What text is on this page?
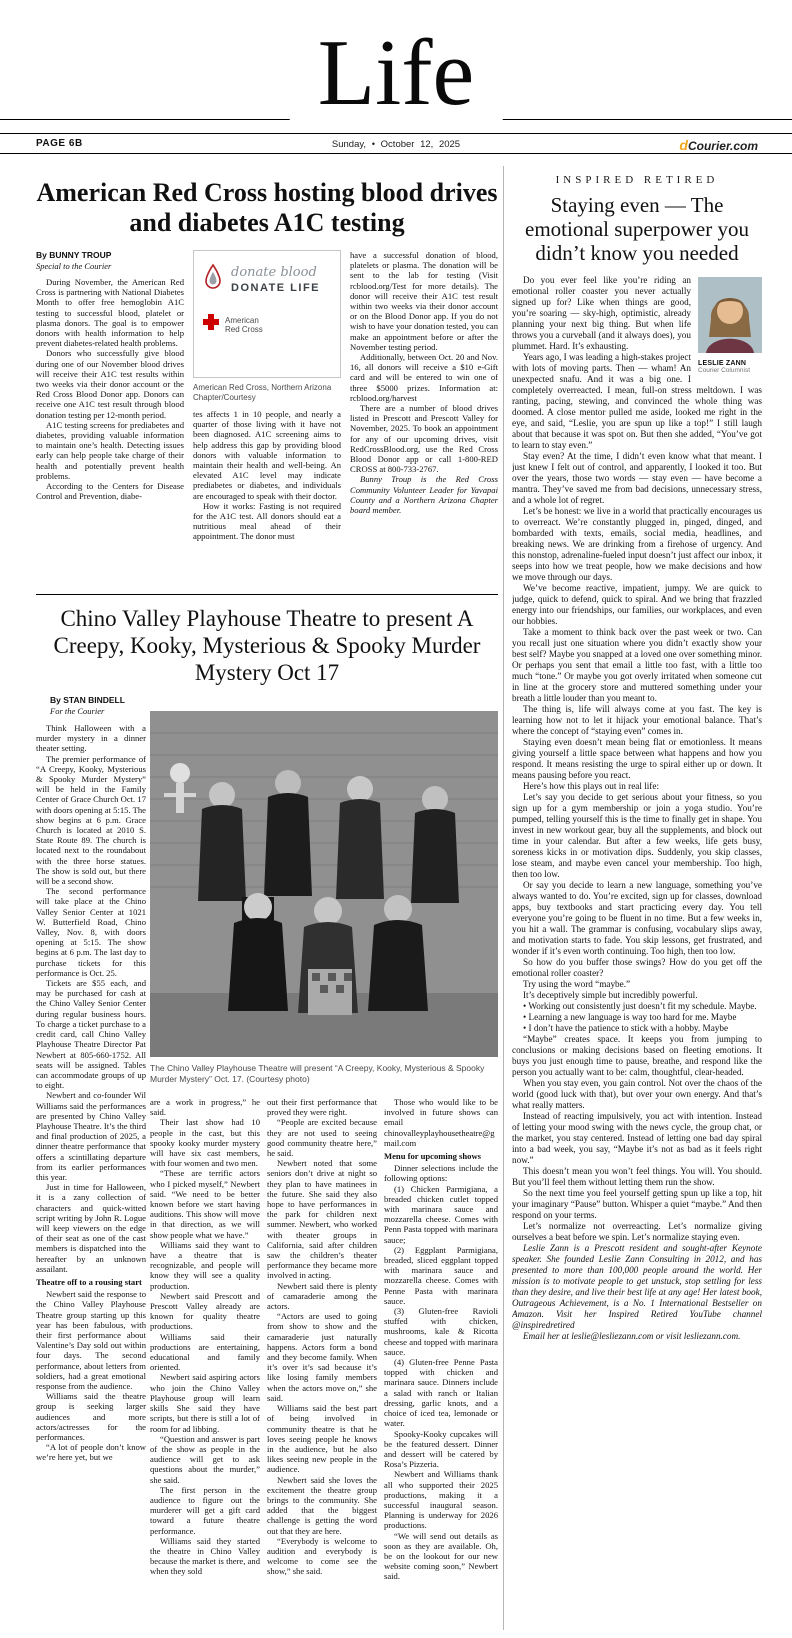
Life
PAGE 6B	Sunday, • October 12, 2025	dCourier.com
American Red Cross hosting blood drives and diabetes A1C testing
By BUNNY TROUP
Special to the Courier

During November, the American Red Cross is partnering with National Diabetes Month to offer free hemoglobin A1C testing to successful blood, platelet or plasma donors. The goal is to empower donors with health information to help prevent diabetes-related health problems.

Donors who successfully give blood during one of our November blood drives will receive their A1C test results within two weeks via their donor account or the Red Cross Blood Donor app. Donors can receive one A1C test result through blood donation testing per 12-month period.

A1C testing screens for prediabetes and diabetes, providing valuable information to maintain one’s health. Detecting issues early can help people take charge of their health and potentially prevent health problems.

According to the Centers for Disease Control and Prevention, diabe-

donate blood
DONATE LIFE
American
Red Cross
American Red Cross, Northern Arizona Chapter/Courtesy

tes affects 1 in 10 people, and nearly a quarter of those living with it have not been diagnosed. A1C screening aims to help address this gap by providing blood donors with valuable information to maintain their health and well-being. An elevated A1C level may indicate prediabetes or diabetes, and individuals are encouraged to speak with their doctor.

How it works: Fasting is not required for the A1C test. All donors should eat a nutritious meal ahead of their appointment. The donor must

have a successful donation of blood, platelets or plasma. The donation will be sent to the lab for testing (Visit rcblood.org/Test for more details). The donor will receive their A1C test result within two weeks via their donor account or on the Blood Donor app. If you do not wish to have your donation tested, you can make an appointment before or after the November testing period.

Additionally, between Oct. 20 and Nov. 16, all donors will receive a $10 e-Gift card and will be entered to win one of three $5000 prizes. Information at: rcblood.org/harvest

There are a number of blood drives listed in Prescott and Prescott Valley for November, 2025. To book an appointment for any of our upcoming drives, visit RedCrossBlood.org, use the Red Cross Blood Donor app or call 1-800-RED CROSS at 800-733-2767.

Bunny Troup is the Red Cross Community Volunteer Leader for Yavapai County and a Northern Arizona Chapter board member.

Chino Valley Playhouse Theatre to present A Creepy, Kooky, Mysterious & Spooky Murder Mystery Oct 17
By STAN BINDELL
For the Courier

Think Halloween with a murder mystery in a dinner theater setting.

The premier performance of “A Creepy, Kooky, Mysterious & Spooky Murder Mystery” will be held in the Family Center of Grace Church Oct. 17 with doors opening at 5:15. The show begins at 6 p.m. Grace Church is located at 2010 S. State Route 89. The church is located next to the roundabout with the three horse statues. The show is sold out, but there will be a second show.

The second performance will take place at the Chino Valley Senior Center at 1021 W. Butterfield Road, Chino Valley, Nov. 8, with doors opening at 5:15. The show begins at 6 p.m. The last day to purchase tickets for this performance is Oct. 25.

Tickets are $55 each, and may be purchased for cash at the Chino Valley Senior Center during regular business hours. To charge a ticket purchase to a credit card, call Chino Valley Playhouse Theatre Director Pat Newbert at 805-660-1752. All seats will be assigned. Tables can accommodate groups of up to eight.

Newbert and co-founder Wil Williams said the performances are presented by Chino Valley Playhouse Theatre. It’s the third and final production of 2025, a dinner theatre performance that offers a scintillating departure from its earlier performances this year.

Just in time for Halloween, it is a zany collection of characters and quick-witted script writing by John R. Logue will keep viewers on the edge of their seat as one of the cast members is dispatched into the hereafter by an unknown assailant.

Theatre off to a rousing start

Newbert said the response to the Chino Valley Playhouse Theatre group starting up this year has been fabulous, with their first performance about Valentine’s Day sold out within four days. The second performance, about letters from soldiers, had a great emotional response from the audience.

Williams said the theatre group is seeking larger audiences and more actors/actresses for the performances.

“A lot of people don’t know we’re here yet, but we

The Chino Valley Playhouse Theatre will present “A Creepy, Kooky, Mysterious & Spooky Murder Mystery” Oct. 17. (Courtesy photo)

are a work in progress,” he said.

Their last show had 10 people in the cast, but this spooky kooky murder mystery will have six cast members, with four women and two men.

“These are terrific actors who I picked myself,” Newbert said. “We need to be better known before we start having auditions. This show will move in that direction, as we will show people what we have.”

Williams said they want to have a theatre that is recognizable, and people will know they will see a quality production.

Newbert said Prescott and Prescott Valley already are known for quality theatre productions.

Williams said their productions are entertaining, educational and family oriented.

Newbert said aspiring actors who join the Chino Valley Playhouse group will learn skills She said they have scripts, but there is still a lot of room for ad libbing.

“Question and answer is part of the show as people in the audience will get to ask questions about the murder,” she said.

The first person in the audience to figure out the murderer will get a gift card toward a future theatre performance.

Williams said they started the theatre in Chino Valley because the market is there, and when they sold

out their first performance that proved they were right.

“People are excited because they are not used to seeing good community theatre here,” he said.

Newbert noted that some seniors don’t drive at night so they plan to have matinees in the future. She said they also hope to have performances in the park for children next summer. Newbert, who worked with theater groups in California, said after children saw the children’s theater performance they became more involved in acting.

Newbert said there is plenty of camaraderie among the actors.

“Actors are used to going from show to show and the camaraderie just naturally happens. Actors form a bond and they become family. When it’s over it’s sad because it’s like losing family members when the actors move on,” she said.

Williams said the best part of being involved in community theatre is that he loves seeing people he knows in the audience, but he also likes seeing new people in the audience.

Newbert said she loves the excitement the theatre group brings to the community. She added that the biggest challenge is getting the word out that they are here.

“Everybody is welcome to audition and everybody is welcome to come see the show,” she said.

Those who would like to be involved in future shows can email chinovalleyplayhousetheatre@gmail.com

Menu for upcoming shows

Dinner selections include the following options:

(1) Chicken Parmigiana, a breaded chicken cutlet topped with marinara sauce and mozzarella cheese. Comes with Penn Pasta topped with marinara sauce;

(2) Eggplant Parmigiana, breaded, sliced eggplant topped with marinara sauce and mozzarella cheese. Comes with Penne Pasta with marinara sauce.

(3) Gluten-free Ravioli stuffed with chicken, mushrooms, kale & Ricotta cheese and topped with marinara sauce.

(4) Gluten-free Penne Pasta topped with chicken and marinara sauce. Dinners include a salad with ranch or Italian dressing, garlic knots, and a choice of iced tea, lemonade or water.

Spooky-Kooky cupcakes will be the featured dessert. Dinner and dessert will be catered by Rosa’s Pizzeria.

Newbert and Williams thank all who supported their 2025 productions, making it a successful inaugural season. Planning is underway for 2026 productions.

“We will send out details as soon as they are available. Oh, be on the lookout for our new website coming soon,” Newbert said.

INSPIRED RETIRED
Staying even — The emotional superpower you didn’t know you needed
LESLIE ZANN
Courier Columnist

Do you ever feel like you’re riding an emotional roller coaster you never actually signed up for? Like when things are good, you’re soaring — sky-high, optimistic, already planning your next big thing. But when life throws you a curveball (and it always does), you plummet. Hard. It’s exhausting.

Years ago, I was leading a high-stakes project with lots of moving parts. Then — wham! An unexpected snafu. And it was a big one. I completely overreacted. I mean, full-on stress meltdown. I was ranting, pacing, stewing, and convinced the whole thing was doomed. A close mentor pulled me aside, looked me right in the eye, and said, “Leslie, you are spun up like a top!” I still laugh about that because it was spot on. But then she added, “You’ve got to learn to stay even.”

Stay even? At the time, I didn’t even know what that meant. I just knew I felt out of control, and apparently, I looked it too. But over the years, those two words — stay even — have become a mantra. They’ve saved me from bad decisions, unnecessary stress, and a whole lot of regret.

Let’s be honest: we live in a world that practically encourages us to overreact. We’re constantly plugged in, pinged, dinged, and bombarded with texts, emails, social media, headlines, and breaking news. We are drinking from a firehose of urgency. And this nonstop, adrenaline-fueled input doesn’t just affect our inbox, it seeps into how we treat people, how we make decisions and how we move through our days.

We’ve become reactive, impatient, jumpy. We are quick to judge, quick to defend, quick to spiral. And we bring that frazzled energy into our friendships, our families, our workplaces, and even our hobbies.

Take a moment to think back over the past week or two. Can you recall just one situation where you didn’t exactly show your best self? Maybe you snapped at a loved one over something minor. Or perhaps you sent that email a little too fast, with a little too much “tone.” Or maybe you got overly irritated when someone cut in line at the grocery store and muttered something under your breath a little louder than you meant to.

The thing is, life will always come at you fast. The key is learning how not to let it hijack your emotional balance. That’s where the concept of “staying even” comes in.

Staying even doesn’t mean being flat or emotionless. It means giving yourself a little space between what happens and how you respond. It means resisting the urge to spiral either up or down. It means pausing before you react.

Here’s how this plays out in real life:

Let’s say you decide to get serious about your fitness, so you sign up for a gym membership or join a yoga studio. You’re pumped, telling yourself this is the time to finally get in shape. You invest in new workout gear, buy all the supplements, and block out time in your calendar. But after a few weeks, life gets busy, soreness kicks in or motivation dips. Suddenly, you skip classes, lose steam, and maybe even cancel your membership. Too high, then too low.

Or say you decide to learn a new language, something you’ve always wanted to do. You’re excited, sign up for classes, download apps, buy textbooks and start practicing every day. You tell everyone you’re going to be fluent in no time. But a few weeks in, you hit a wall. The grammar is confusing, vocabulary slips away, and motivation starts to fade. You skip lessons, get frustrated, and wonder if it’s even worth continuing. Too high, then too low.

So how do you buffer those swings? How do you get off the emotional roller coaster?

Try using the word “maybe.”

It’s deceptively simple but incredibly powerful.

• Working out consistently just doesn’t fit my schedule. Maybe.

• Learning a new language is way too hard for me. Maybe

• I don’t have the patience to stick with a hobby. Maybe

“Maybe” creates space. It keeps you from jumping to conclusions or making decisions based on fleeting emotions. It buys you just enough time to pause, breathe, and respond like the person you actually want to be: calm, thoughtful, clear-headed.

When you stay even, you gain control. Not over the chaos of the world (good luck with that), but over your own energy. And that’s what really matters.

Instead of reacting impulsively, you act with intention. Instead of letting your mood swing with the news cycle, the group chat, or the market, you stay centered. Instead of letting one bad day spiral into a bad week, you say, “Maybe it’s not as bad as it feels right now.”

This doesn’t mean you won’t feel things. You will. You should. But you’ll feel them without letting them run the show.

So the next time you feel yourself getting spun up like a top, hit your imaginary “Pause” button. Whisper a quiet “maybe.” And then respond on your terms.

Let’s normalize not overreacting. Let’s normalize giving ourselves a beat before we spin. Let’s normalize staying even.

Leslie Zann is a Prescott resident and sought-after Keynote speaker. She founded Leslie Zann Consulting in 2012, and has presented to more than 100,000 people around the world. Her mission is to motivate people to get unstuck, stop settling for less than they desire, and live their best life at any age! Her latest book, Outrageous Achievement, is a No. 1 International Bestseller on Amazon. Visit her Inspired Retired YouTube channel @inspiredretired

Email her at leslie@lesliezann.com or visit lesliezann.com.
